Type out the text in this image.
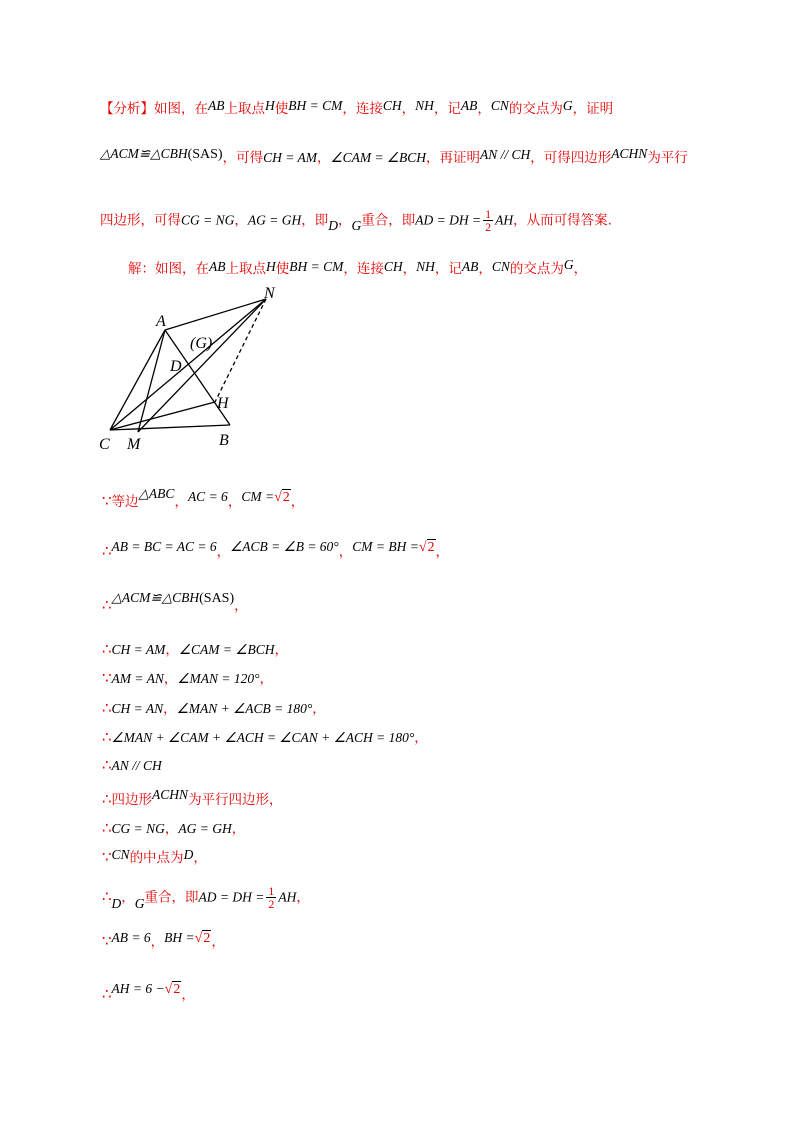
【分析】如图，在AB上取点H使BH = CM，连接CH，NH，记AB，CN的交点为G，证明
△ACM≌△CBH(SAS)，可得CH = AM，∠CAM = ∠BCH，再证明AN // CH，可得四边形ACHN为平行
四边形，可得CG = NG，AG = GH，即D，G重合，即AD = DH = $\frac{1}{2}$ AH，从而可得答案.
解：如图，在AB上取点H使BH = CM，连接CH，NH，记AB，CN的交点为G，
A
N
(G)
D
H
C M	B
∵等边△ABC，AC = 6，CM =√2，
∴AB = BC = AC = 6，∠ACB = ∠B = 60°，CM = BH =√2，
∴△ACM≌△CBH(SAS)，
∴CH = AM，∠CAM = ∠BCH，
∵AM = AN，∠MAN = 120°，
∴CH = AN，∠MAN + ∠ACB = 180°，
∴∠MAN + ∠CAM + ∠ACH = ∠CAN + ∠ACH = 180°，
∴AN // CH
∴四边形ACHN为平行四边形，
∴CG = NG，AG = GH，
∵CN的中点为D，
∴D，G重合，即AD = DH = $\frac{1}{2}$ AH，
∵AB = 6，BH =√2，
∴AH = 6 −√2，
